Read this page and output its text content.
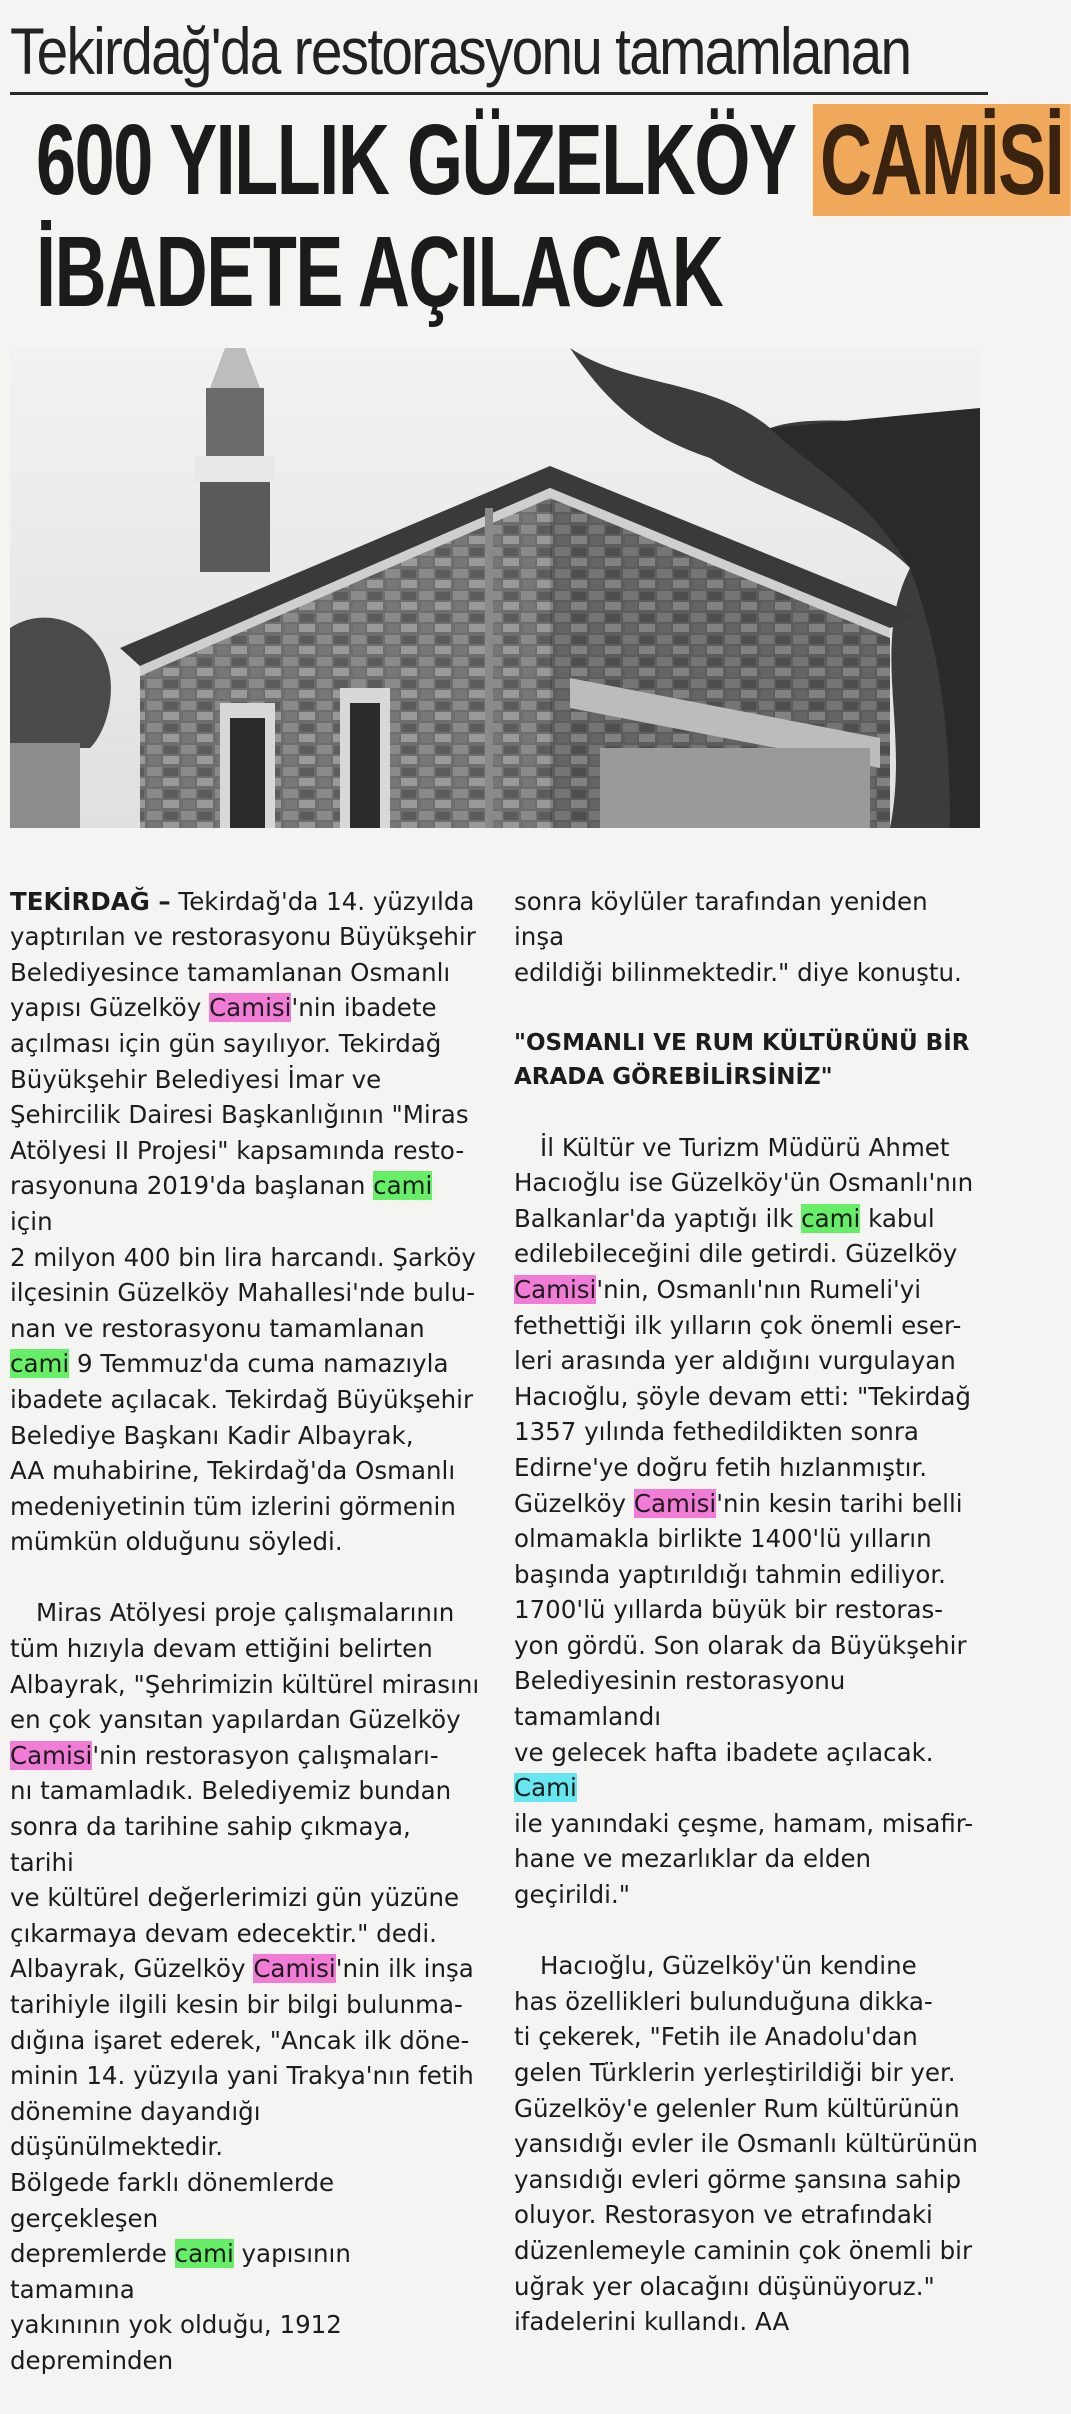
Tekirdağ'da restorasyonu tamamlanan
600 YILLIK GÜZELKÖY CAMİSİ
İBADETE AÇILACAK

TEKİRDAĞ – Tekirdağ'da 14. yüzyılda
yaptırılan ve restorasyonu Büyükşehir
Belediyesince tamamlanan Osmanlı
yapısı Güzelköy Camisi'nin ibadete
açılması için gün sayılıyor. Tekirdağ
Büyükşehir Belediyesi İmar ve
Şehircilik Dairesi Başkanlığının "Miras
Atölyesi II Projesi" kapsamında resto-
rasyonuna 2019'da başlanan cami için
2 milyon 400 bin lira harcandı. Şarköy
ilçesinin Güzelköy Mahallesi'nde bulu-
nan ve restorasyonu tamamlanan
cami 9 Temmuz'da cuma namazıyla
ibadete açılacak. Tekirdağ Büyükşehir
Belediye Başkanı Kadir Albayrak,
AA muhabirine, Tekirdağ'da Osmanlı
medeniyetinin tüm izlerini görmenin
mümkün olduğunu söyledi.

Miras Atölyesi proje çalışmalarının
tüm hızıyla devam ettiğini belirten
Albayrak, "Şehrimizin kültürel mirasını
en çok yansıtan yapılardan Güzelköy
Camisi'nin restorasyon çalışmaları-
nı tamamladık. Belediyemiz bundan
sonra da tarihine sahip çıkmaya, tarihi
ve kültürel değerlerimizi gün yüzüne
çıkarmaya devam edecektir." dedi.
Albayrak, Güzelköy Camisi'nin ilk inşa
tarihiyle ilgili kesin bir bilgi bulunma-
dığına işaret ederek, "Ancak ilk döne-
minin 14. yüzyıla yani Trakya'nın fetih
dönemine dayandığı düşünülmektedir.
Bölgede farklı dönemlerde gerçekleşen
depremlerde cami yapısının tamamına
yakınının yok olduğu, 1912 depreminden

sonra köylüler tarafından yeniden inşa
edildiği bilinmektedir." diye konuştu.

"OSMANLI VE RUM KÜLTÜRÜNÜ BİR
ARADA GÖREBİLİRSİNİZ"

İl Kültür ve Turizm Müdürü Ahmet
Hacıoğlu ise Güzelköy'ün Osmanlı'nın
Balkanlar'da yaptığı ilk cami kabul
edilebileceğini dile getirdi. Güzelköy
Camisi'nin, Osmanlı'nın Rumeli'yi
fethettiği ilk yılların çok önemli eser-
leri arasında yer aldığını vurgulayan
Hacıoğlu, şöyle devam etti: "Tekirdağ
1357 yılında fethedildikten sonra
Edirne'ye doğru fetih hızlanmıştır.
Güzelköy Camisi'nin kesin tarihi belli
olmamakla birlikte 1400'lü yılların
başında yaptırıldığı tahmin ediliyor.
1700'lü yıllarda büyük bir restoras-
yon gördü. Son olarak da Büyükşehir
Belediyesinin restorasyonu tamamlandı
ve gelecek hafta ibadete açılacak. Cami
ile yanındaki çeşme, hamam, misafir-
hane ve mezarlıklar da elden geçirildi."

Hacıoğlu, Güzelköy'ün kendine
has özellikleri bulunduğuna dikka-
ti çekerek, "Fetih ile Anadolu'dan
gelen Türklerin yerleştirildiği bir yer.
Güzelköy'e gelenler Rum kültürünün
yansıdığı evler ile Osmanlı kültürünün
yansıdığı evleri görme şansına sahip
oluyor. Restorasyon ve etrafındaki
düzenlemeyle caminin çok önemli bir
uğrak yer olacağını düşünüyoruz."
ifadelerini kullandı. AA
